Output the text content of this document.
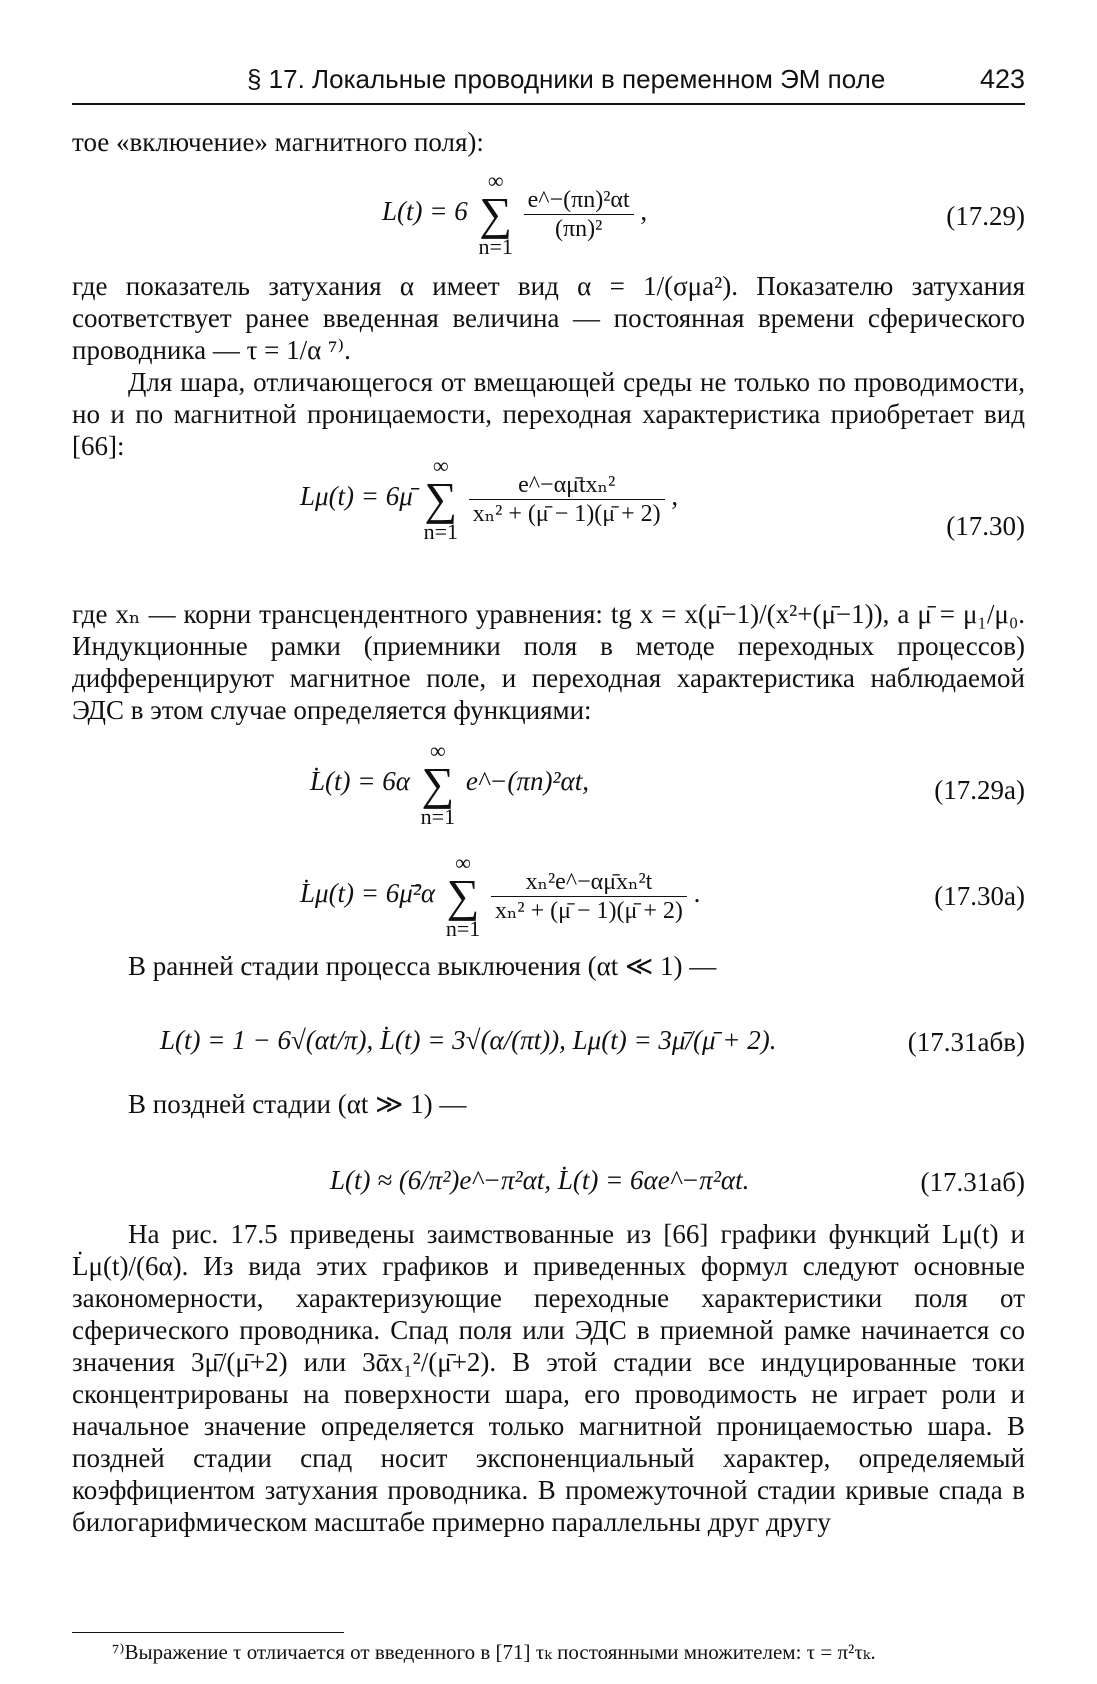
§ 17. Локальные проводники в переменном ЭМ поле	423
тое «включение» магнитного поля):
L(t) = 6 ∞
∑
n=1
$\frac{\text{e\textasciicircum{}−(πn)²αt}}{\text{(πn)²}}$ ,	(17.29)
где показатель затухания α имеет вид α = 1/(σμa²). Показателю затухания соответствует ранее введенная величина — постоянная времени сферического проводника — τ = 1/α ⁷⁾.
Для шара, отличающегося от вмещающей среды не только по проводимости, но и по магнитной проницаемости, переходная характеристика приобретает вид [66]:
Lμ(t) = 6μ̄ ∞
∑
n=1
$\frac{\text{e\textasciicircum{}−αμ̄txₙ²}}{\text{xₙ² + (μ̄ − 1)(μ̄ + 2)}}$ ,
(17.30)
где xₙ — корни трансцендентного уравнения: tg x = x(μ̄−1)/(x²+(μ̄−1)), а μ̄ = μ₁/μ₀. Индукционные рамки (приемники поля в методе переходных процессов) дифференцируют магнитное поле, и переходная характеристика наблюдаемой ЭДС в этом случае определяется функциями:
L̇(t) = 6α ∞
∑
n=1 e^−(πn)²αt,	(17.29а)
L̇μ(t) = 6μ̄²α ∞
∑
n=1
$\frac{\text{xₙ²e\textasciicircum{}−αμ̄xₙ²t}}{\text{xₙ² + (μ̄ − 1)(μ̄ + 2)}}$ .	(17.30а)
В ранней стадии процесса выключения (αt ≪ 1) —
L(t) = 1 − 6√(αt/π), L̇(t) = 3√(α/(πt)), Lμ(t) = 3μ̄/(μ̄ + 2).	(17.31абв)
В поздней стадии (αt ≫ 1) —
L(t) ≈ (6/π²)e^−π²αt, L̇(t) = 6αe^−π²αt.	(17.31аб)
На рис. 17.5 приведены заимствованные из [66] графики функций Lμ(t) и L̇μ(t)/(6α). Из вида этих графиков и приведенных формул следуют основные закономерности, характеризующие переходные характеристики поля от сферического проводника. Спад поля или ЭДС в приемной рамке начинается со значения 3μ̄/(μ̄+2) или 3ᾱx₁²/(μ̄+2). В этой стадии все индуцированные токи сконцентрированы на поверхности шара, его проводимость не играет роли и начальное значение определяется только магнитной проницаемостью шара. В поздней стадии спад носит экспоненциальный характер, определяемый коэффициентом затухания проводника. В промежуточной стадии кривые спада в билогарифмическом масштабе примерно параллельны друг другу
⁷⁾Выражение τ отличается от введенного в [71] τₖ постоянными множителем: τ = π²τₖ.
